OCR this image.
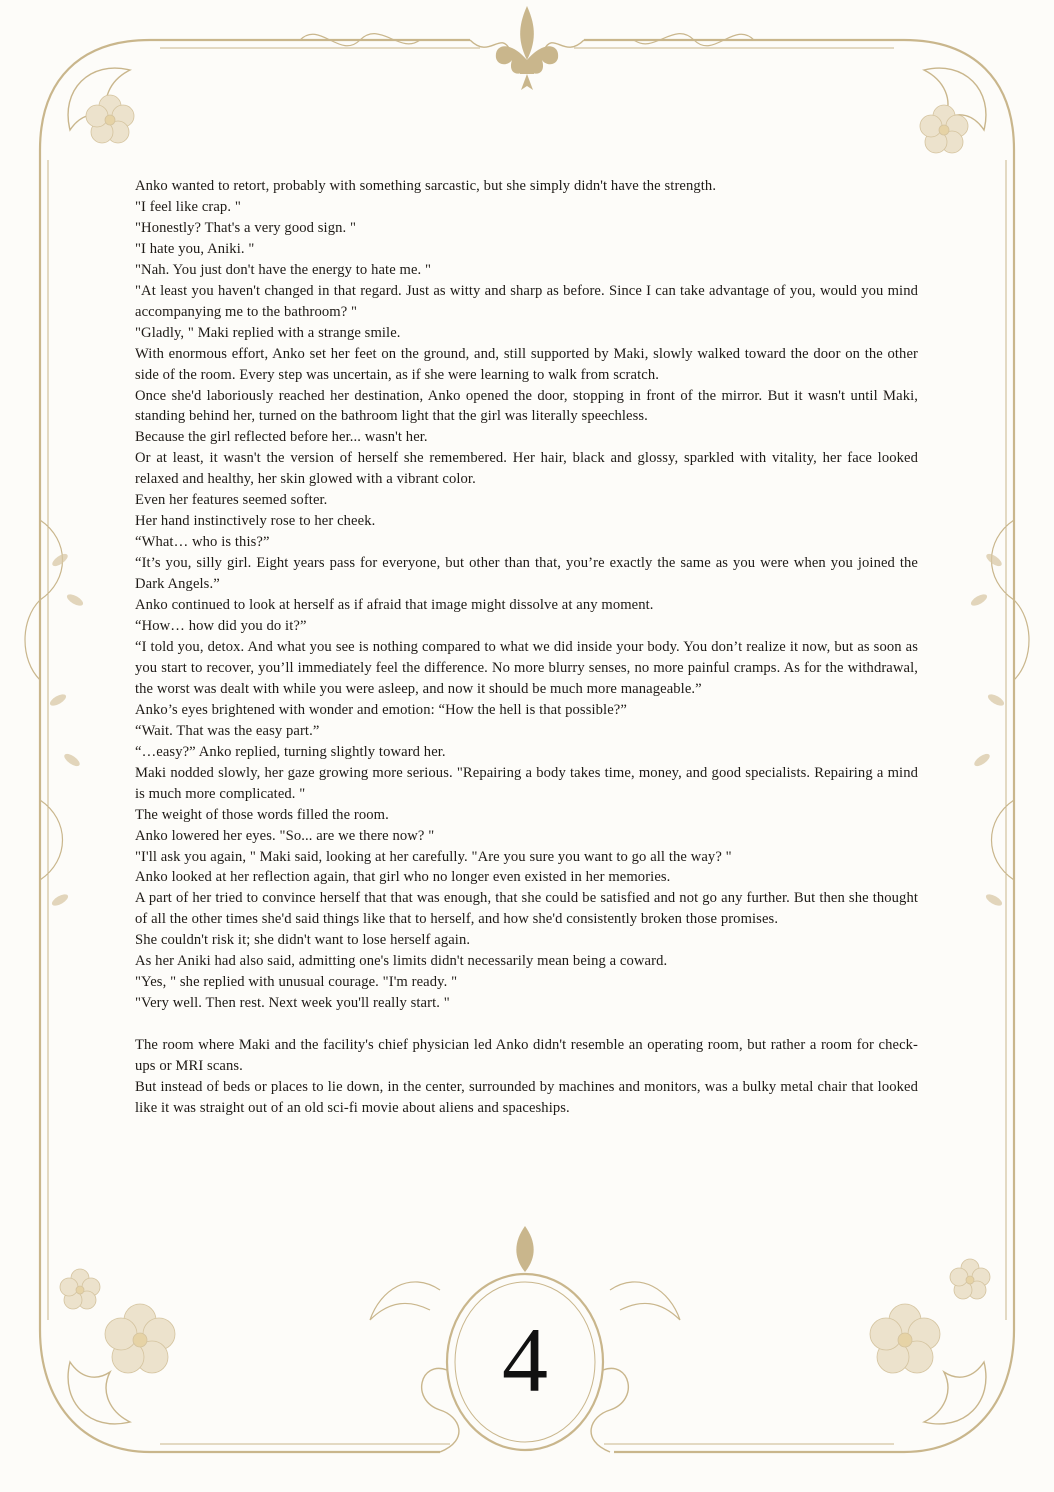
Anko wanted to retort, probably with something sarcastic, but she simply didn't have the strength.

"I feel like crap. "

"Honestly? That's a very good sign. "

"I hate you, Aniki. "

"Nah. You just don't have the energy to hate me. "

"At least you haven't changed in that regard. Just as witty and sharp as before. Since I can take advantage of you, would you mind accompanying me to the bathroom? "

"Gladly, " Maki replied with a strange smile.

With enormous effort, Anko set her feet on the ground, and, still supported by Maki, slowly walked toward the door on the other side of the room. Every step was uncertain, as if she were learning to walk from scratch.

Once she'd laboriously reached her destination, Anko opened the door, stopping in front of the mirror. But it wasn't until Maki, standing behind her, turned on the bathroom light that the girl was literally speechless.

Because the girl reflected before her... wasn't her.

Or at least, it wasn't the version of herself she remembered. Her hair, black and glossy, sparkled with vitality, her face looked relaxed and healthy, her skin glowed with a vibrant color.

Even her features seemed softer.

Her hand instinctively rose to her cheek.

“What… who is this?”

“It’s you, silly girl. Eight years pass for everyone, but other than that, you’re exactly the same as you were when you joined the Dark Angels.”

Anko continued to look at herself as if afraid that image might dissolve at any moment.

“How… how did you do it?”

“I told you, detox. And what you see is nothing compared to what we did inside your body. You don’t realize it now, but as soon as you start to recover, you’ll immediately feel the difference. No more blurry senses, no more painful cramps. As for the withdrawal, the worst was dealt with while you were asleep, and now it should be much more manageable.”

Anko’s eyes brightened with wonder and emotion: “How the hell is that possible?”

“Wait. That was the easy part.”

“…easy?” Anko replied, turning slightly toward her.

Maki nodded slowly, her gaze growing more serious. "Repairing a body takes time, money, and good specialists. Repairing a mind is much more complicated. "

The weight of those words filled the room.

Anko lowered her eyes. "So... are we there now? "

"I'll ask you again, " Maki said, looking at her carefully. "Are you sure you want to go all the way? "

Anko looked at her reflection again, that girl who no longer even existed in her memories.

A part of her tried to convince herself that that was enough, that she could be satisfied and not go any further. But then she thought of all the other times she'd said things like that to herself, and how she'd consistently broken those promises.

She couldn't risk it; she didn't want to lose herself again.

As her Aniki had also said, admitting one's limits didn't necessarily mean being a coward.

"Yes, " she replied with unusual courage. "I'm ready. "

"Very well. Then rest. Next week you'll really start. "

The room where Maki and the facility's chief physician led Anko didn't resemble an operating room, but rather a room for check-ups or MRI scans.

But instead of beds or places to lie down, in the center, surrounded by machines and monitors, was a bulky metal chair that looked like it was straight out of an old sci-fi movie about aliens and spaceships.

4
